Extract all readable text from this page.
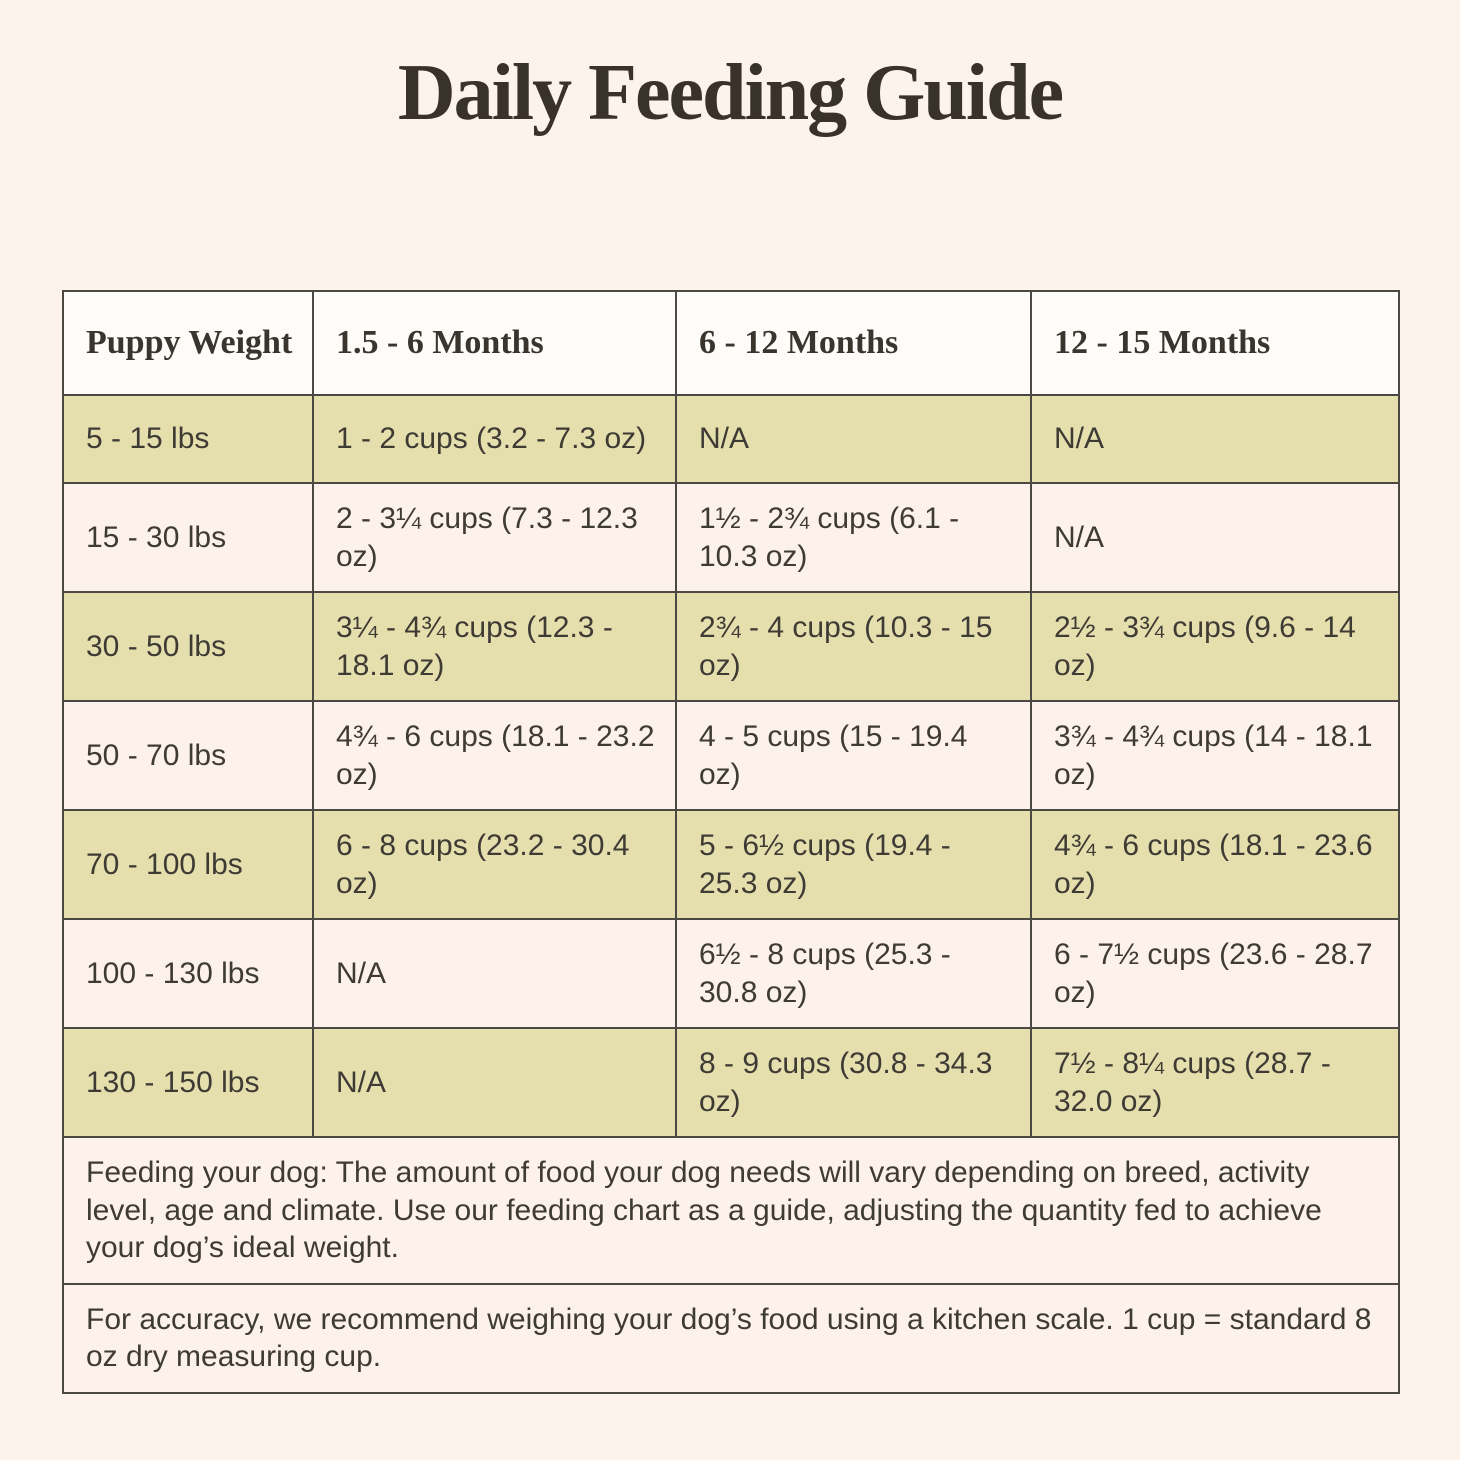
Daily Feeding Guide
Puppy Weight	1.5 - 6 Months	6 - 12 Months	12 - 15 Months
5 - 15 lbs	1 - 2 cups (3.2 - 7.3 oz)	N/A	N/A
15 - 30 lbs	2 - 3¼ cups (7.3 - 12.3 oz)	1½ - 2¾ cups (6.1 - 10.3 oz)	N/A
30 - 50 lbs	3¼ - 4¾ cups (12.3 - 18.1 oz)	2¾ - 4 cups (10.3 - 15 oz)	2½ - 3¾ cups (9.6 - 14 oz)
50 - 70 lbs	4¾ - 6 cups (18.1 - 23.2 oz)	4 - 5 cups (15 - 19.4 oz)	3¾ - 4¾ cups (14 - 18.1 oz)
70 - 100 lbs	6 - 8 cups (23.2 - 30.4 oz)	5 - 6½ cups (19.4 - 25.3 oz)	4¾ - 6 cups (18.1 - 23.6 oz)
100 - 130 lbs	N/A	6½ - 8 cups (25.3 - 30.8 oz)	6 - 7½ cups (23.6 - 28.7 oz)
130 - 150 lbs	N/A	8 - 9 cups (30.8 - 34.3 oz)	7½ - 8¼ cups (28.7 - 32.0 oz)
Feeding your dog: The amount of food your dog needs will vary depending on breed, activity level, age and climate. Use our feeding chart as a guide, adjusting the quantity fed to achieve your dog’s ideal weight.			
For accuracy, we recommend weighing your dog’s food using a kitchen scale. 1 cup = standard 8 oz dry measuring cup.			
